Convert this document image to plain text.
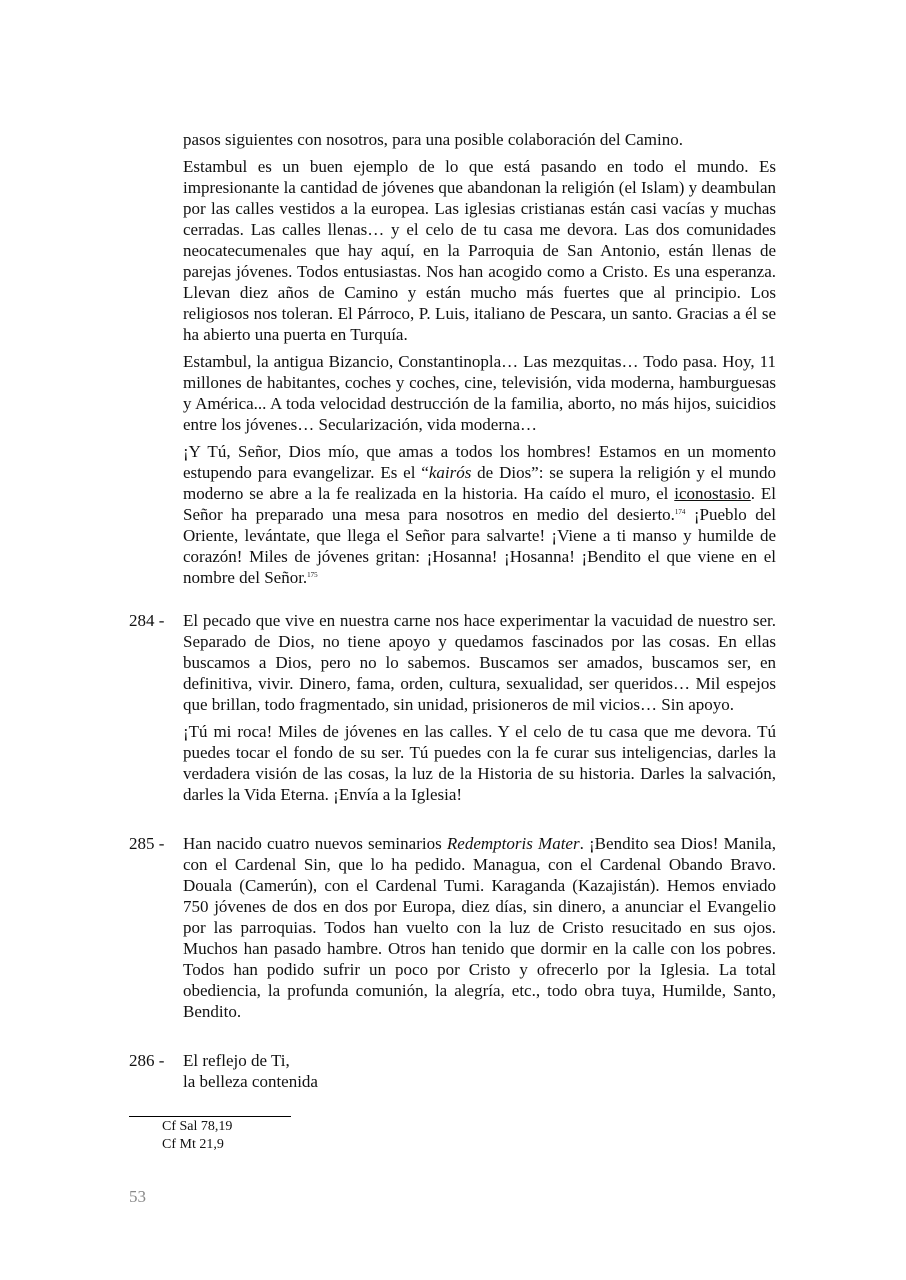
pasos siguientes con nosotros, para una posible colaboración del Camino.

Estambul es un buen ejemplo de lo que está pasando en todo el mundo. Es impresionante la cantidad de jóvenes que abandonan la religión (el Islam) y deambulan por las calles vestidos a la europea. Las iglesias cristianas están casi vacías y muchas cerradas. Las calles llenas… y el celo de tu casa me devora. Las dos comunidades neocatecumenales que hay aquí, en la Parroquia de San Antonio, están llenas de parejas jóvenes. Todos entusiastas. Nos han acogido como a Cristo. Es una esperanza. Llevan diez años de Camino y están mucho más fuertes que al principio. Los religiosos nos toleran. El Párroco, P. Luis, italiano de Pescara, un santo. Gracias a él se ha abierto una puerta en Turquía.

Estambul, la antigua Bizancio, Constantinopla… Las mezquitas… Todo pasa. Hoy, 11 millones de habitantes, coches y coches, cine, televisión, vida moderna, hamburguesas y América... A toda velocidad destrucción de la familia, aborto, no más hijos, suicidios entre los jóvenes… Secularización, vida moderna…

¡Y Tú, Señor, Dios mío, que amas a todos los hombres! Estamos en un momento estupendo para evangelizar. Es el “kairós de Dios”: se supera la religión y el mundo moderno se abre a la fe realizada en la historia. Ha caído el muro, el iconostasio. El Señor ha preparado una mesa para nosotros en medio del desierto.$^{174}$ ¡Pueblo del Oriente, levántate, que llega el Señor para salvarte! ¡Viene a ti manso y humilde de corazón! Miles de jóvenes gritan: ¡Hosanna! ¡Hosanna! ¡Bendito el que viene en el nombre del Señor.$^{175}$

284 -	El pecado que vive en nuestra carne nos hace experimentar la vacuidad de nuestro ser. Separado de Dios, no tiene apoyo y quedamos fascinados por las cosas. En ellas buscamos a Dios, pero no lo sabemos. Buscamos ser amados, buscamos ser, en definitiva, vivir. Dinero, fama, orden, cultura, sexualidad, ser queridos… Mil espejos que brillan, todo fragmentado, sin unidad, prisioneros de mil vicios… Sin apoyo.

¡Tú mi roca! Miles de jóvenes en las calles. Y el celo de tu casa que me devora. Tú puedes tocar el fondo de su ser. Tú puedes con la fe curar sus inteligencias, darles la verdadera visión de las cosas, la luz de la Historia de su historia. Darles la salvación, darles la Vida Eterna. ¡Envía a la Iglesia!

285 -	Han nacido cuatro nuevos seminarios Redemptoris Mater. ¡Bendito sea Dios! Manila, con el Cardenal Sin, que lo ha pedido. Managua, con el Cardenal Obando Bravo. Douala (Camerún), con el Cardenal Tumi. Karaganda (Kazajistán). Hemos enviado 750 jóvenes de dos en dos por Europa, diez días, sin dinero, a anunciar el Evangelio por las parroquias. Todos han vuelto con la luz de Cristo resucitado en sus ojos. Muchos han pasado hambre. Otros han tenido que dormir en la calle con los pobres. Todos han podido sufrir un poco por Cristo y ofrecerlo por la Iglesia. La total obediencia, la profunda comunión, la alegría, etc., todo obra tuya, Humilde, Santo, Bendito.

286 -	El reflejo de Ti,

la belleza contenida

Cf Sal 78,19
Cf Mt 21,9
53
